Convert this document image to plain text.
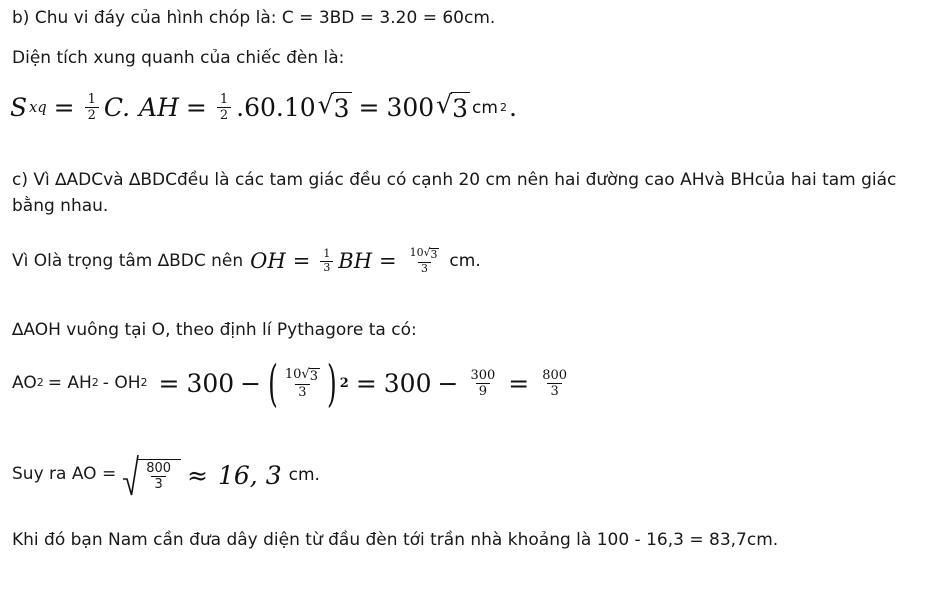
b) Chu vi đáy của hình chóp là: C = 3BD = 3.20 = 60cm.
Diện tích xung quanh của chiếc đèn là:
S xq = $\frac{1}{2} C$. AH = $\frac{1}{2} .60.10$ √ 3 = 300 √ 3 cm 2 .
c) Vì ∆ADCvà ∆BDCđều là các tam giác đều có cạnh 20 cm nên hai đường cao AHvà BHcủa hai tam giác bằng nhau.
Vì Olà trọng tâm ∆BDC nên OH = $\frac{1}{3}$ BH = $\frac{10 √ 3}{3}$ cm.
∆AOH vuông tại O, theo định lí Pythagore ta có:
AO 2 = AH 2 - OH 2 = 300 − ( $\frac{10 √ 3}{3}$ ) $2 = 300 - \frac{300}{9} = \frac{800}{3}$
Suy ra AO = $\frac{800}{3} \approx 16$, 3 cm.
Khi đó bạn Nam cần đưa dây diện từ đầu đèn tới trần nhà khoảng là 100 - 16,3 = 83,7cm.
